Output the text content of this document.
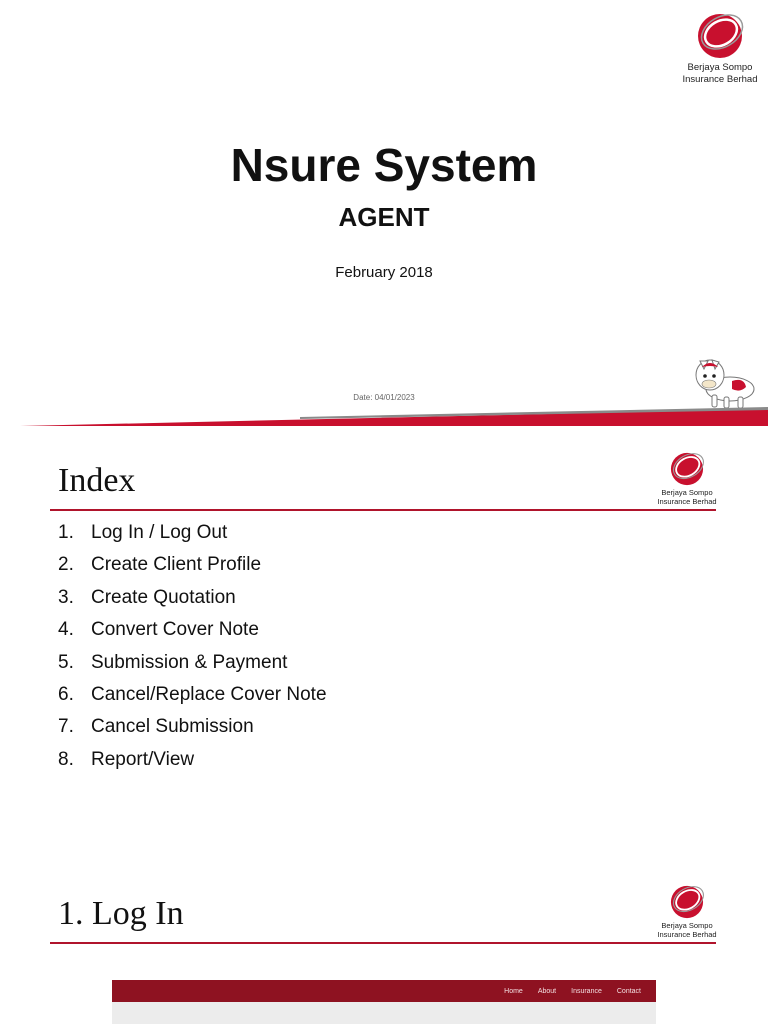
Berjaya Sompo
Insurance Berhad
Nsure System
AGENT
February 2018
Date: 04/01/2023
Index	Berjaya Sompo
Insurance Berhad
1. Log In / Log Out
2. Create Client Profile
3. Create Quotation
4. Convert Cover Note
5. Submission & Payment
6. Cancel/Replace Cover Note
7. Cancel Submission
8. Report/View
1. Log In	Berjaya Sompo
Insurance Berhad
Home About Insurance Contact
